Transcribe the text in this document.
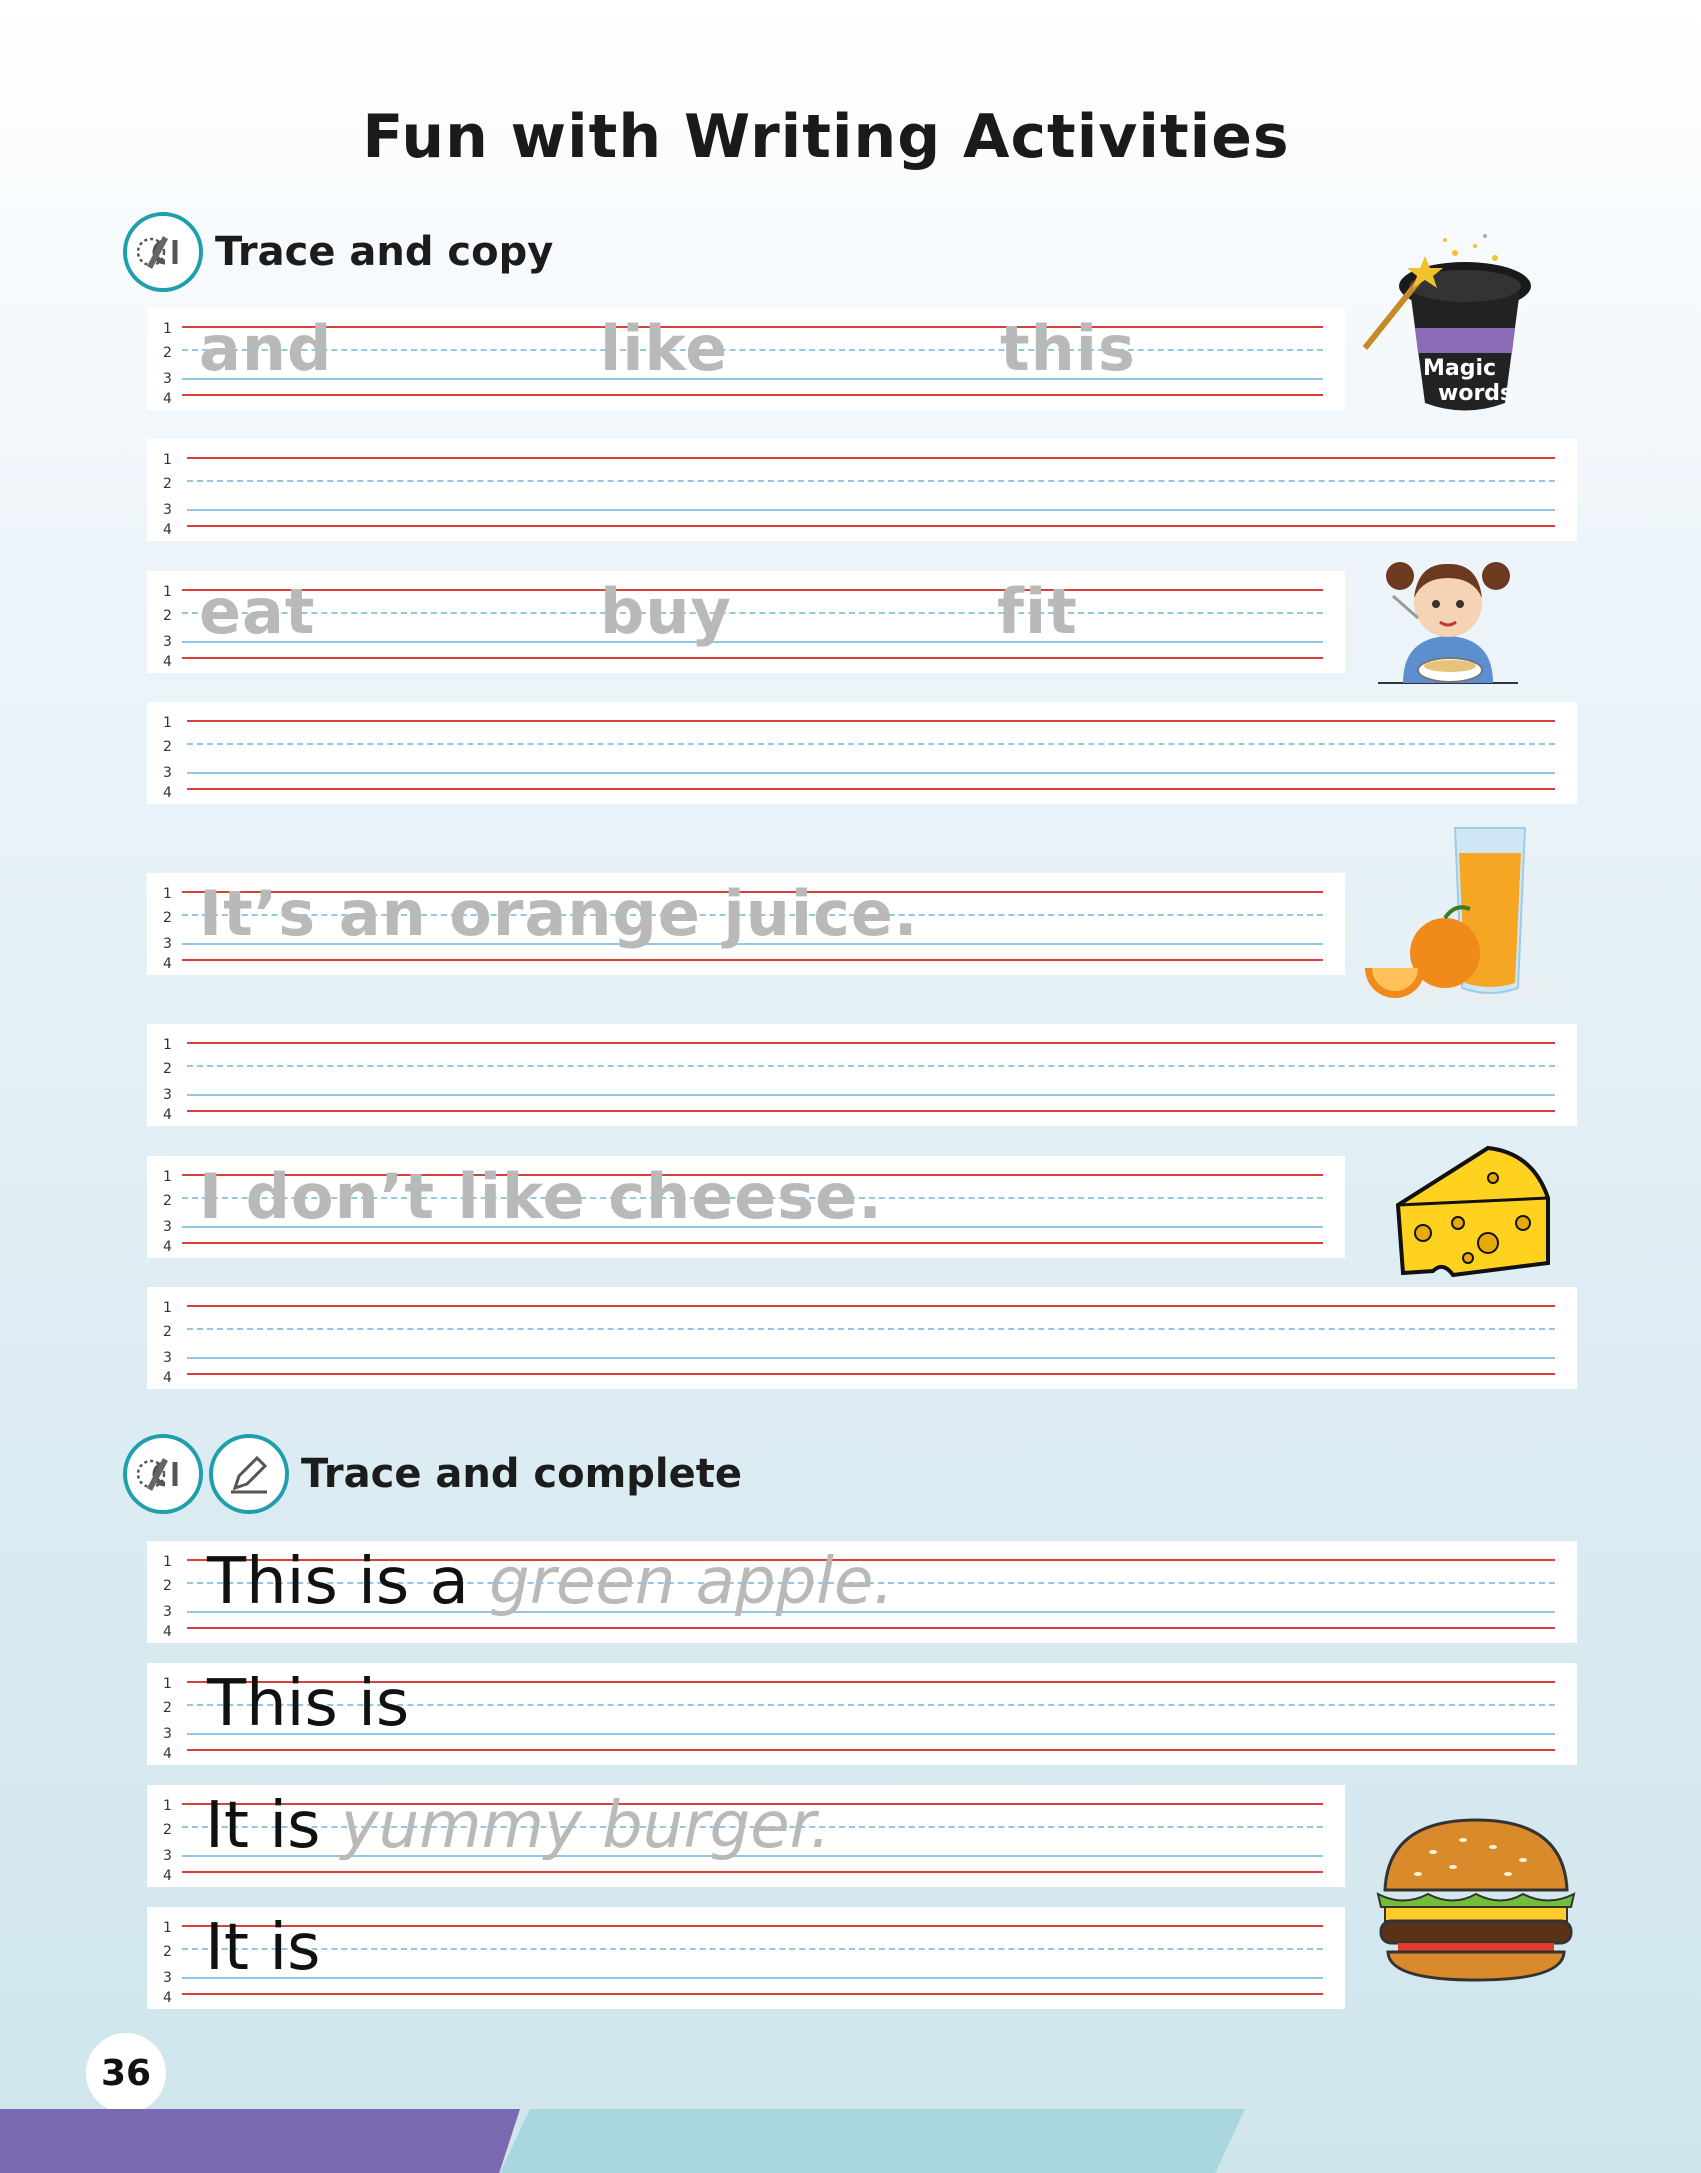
Fun with Writing Activities
Trace and copy
1
2
3
4
and	like	this	Magic
words
1
2
3
4
1
2
3
4
eat	buy	fit
1
2
3
4
1
2
3
4
It’s an orange juice.
1
2
3
4
1
2
3
4
I don’t like cheese.
1
2
3
4
Trace and complete
1
2
3
4
This is a green apple.
1
2
3
4
This is
1
2
3
4
It is yummy burger.
1
2
3
4
It is
36
